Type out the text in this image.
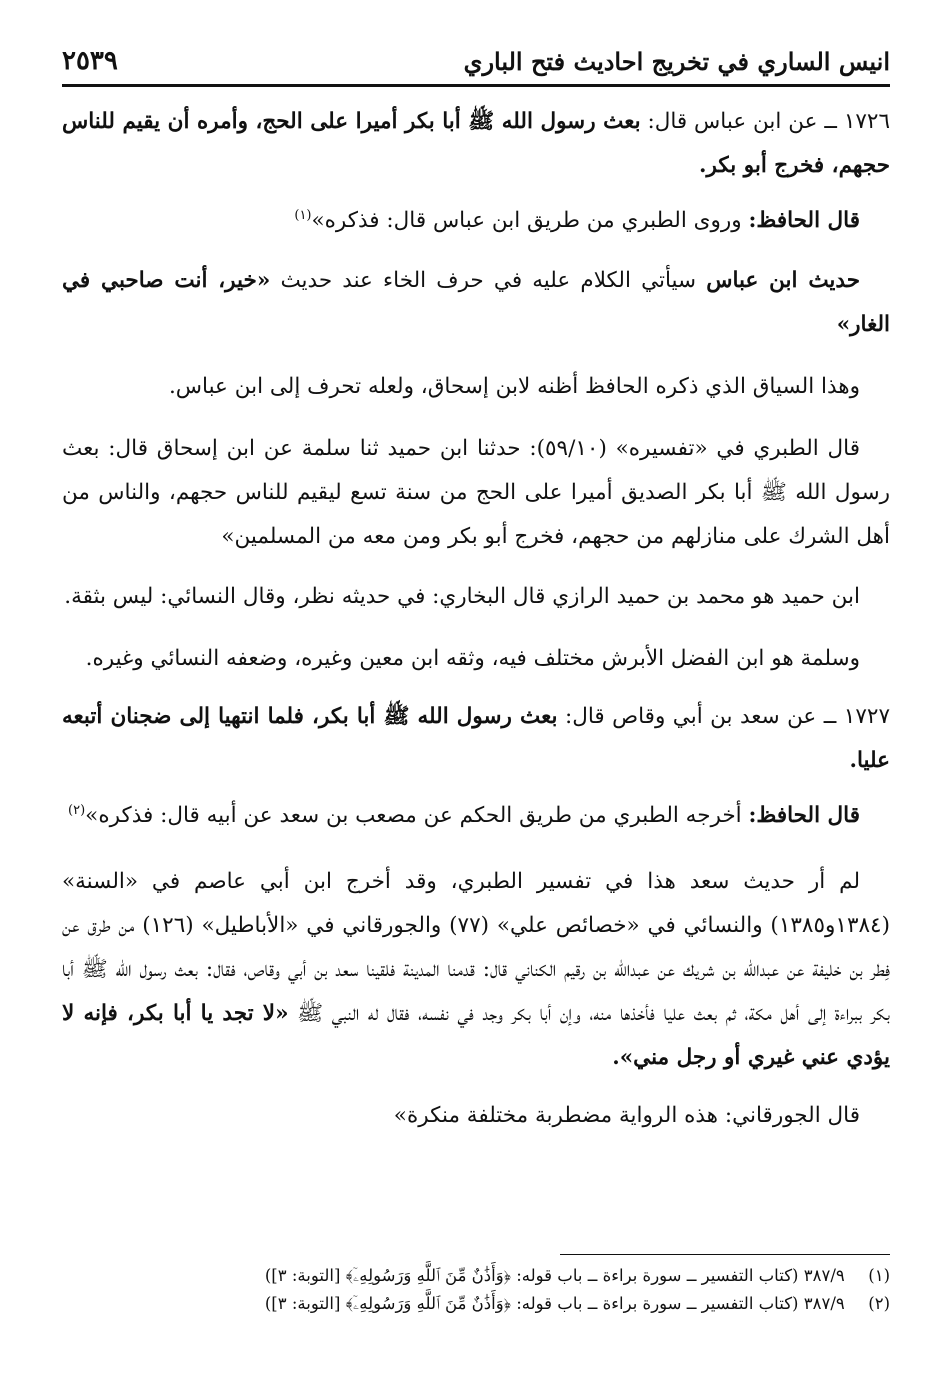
انيس الساري في تخريج احاديث فتح الباري
٢٥٣٩

١٧٢٦ ــ عن ابن عباس قال: بعث رسول الله ﷺ أبا بكر أميرا على الحج، وأمره أن يقيم للناس حجهم، فخرج أبو بكر.

قال الحافظ: وروى الطبري من طريق ابن عباس قال: فذكره»$^{(١)}$

حديث ابن عباس سيأتي الكلام عليه في حرف الخاء عند حديث «خير، أنت صاحبي في الغار»

وهذا السياق الذي ذكره الحافظ أظنه لابن إسحاق، ولعله تحرف إلى ابن عباس.

قال الطبري في «تفسيره» (٥٩/١٠): حدثنا ابن حميد ثنا سلمة عن ابن إسحاق قال: بعث رسول الله ﷺ أبا بكر الصديق أميرا على الحج من سنة تسع ليقيم للناس حجهم، والناس من أهل الشرك على منازلهم من حجهم، فخرج أبو بكر ومن معه من المسلمين»

ابن حميد هو محمد بن حميد الرازي قال البخاري: في حديثه نظر، وقال النسائي: ليس بثقة.

وسلمة هو ابن الفضل الأبرش مختلف فيه، وثقه ابن معين وغيره، وضعفه النسائي وغيره.

١٧٢٧ ــ عن سعد بن أبي وقاص قال: بعث رسول الله ﷺ أبا بكر، فلما انتهيا إلى ضجنان أتبعه عليا.

قال الحافظ: أخرجه الطبري من طريق الحكم عن مصعب بن سعد عن أبيه قال: فذكره»$^{(٢)}$

لم أر حديث سعد هذا في تفسير الطبري، وقد أخرج ابن أبي عاصم في «السنة» (١٣٨٤و١٣٨٥) والنسائي في «خصائص علي» (٧٧) والجورقاني في «الأباطيل» (١٢٦) من طرق عن فِطر بن خليفة عن عبدالله بن شريك عن عبدالله بن رقيم الكناني قال: قدمنا المدينة فلقينا سعد بن أبي وقاص، فقال: بعث رسول الله ﷺ أبا بكر ببراءة إلى أهل مكة، ثم بعث عليا فأخذها منه، وإن أبا بكر وجد في نفسه، فقال له النبي ﷺ «لا تجد يا أبا بكر، فإنه لا يؤدي عني غيري أو رجل مني».

قال الجورقاني: هذه الرواية مضطربة مختلفة منكرة»

(١) ٣٨٧/٩ (كتاب التفسير ــ سورة براءة ــ باب قوله: ﴿وَأَذَٰنٌ مِّنَ ٱللَّهِ وَرَسُولِهِۦٓ﴾ [التوبة: ٣])
(٢) ٣٨٧/٩ (كتاب التفسير ــ سورة براءة ــ باب قوله: ﴿وَأَذَٰنٌ مِّنَ ٱللَّهِ وَرَسُولِهِۦٓ﴾ [التوبة: ٣])
